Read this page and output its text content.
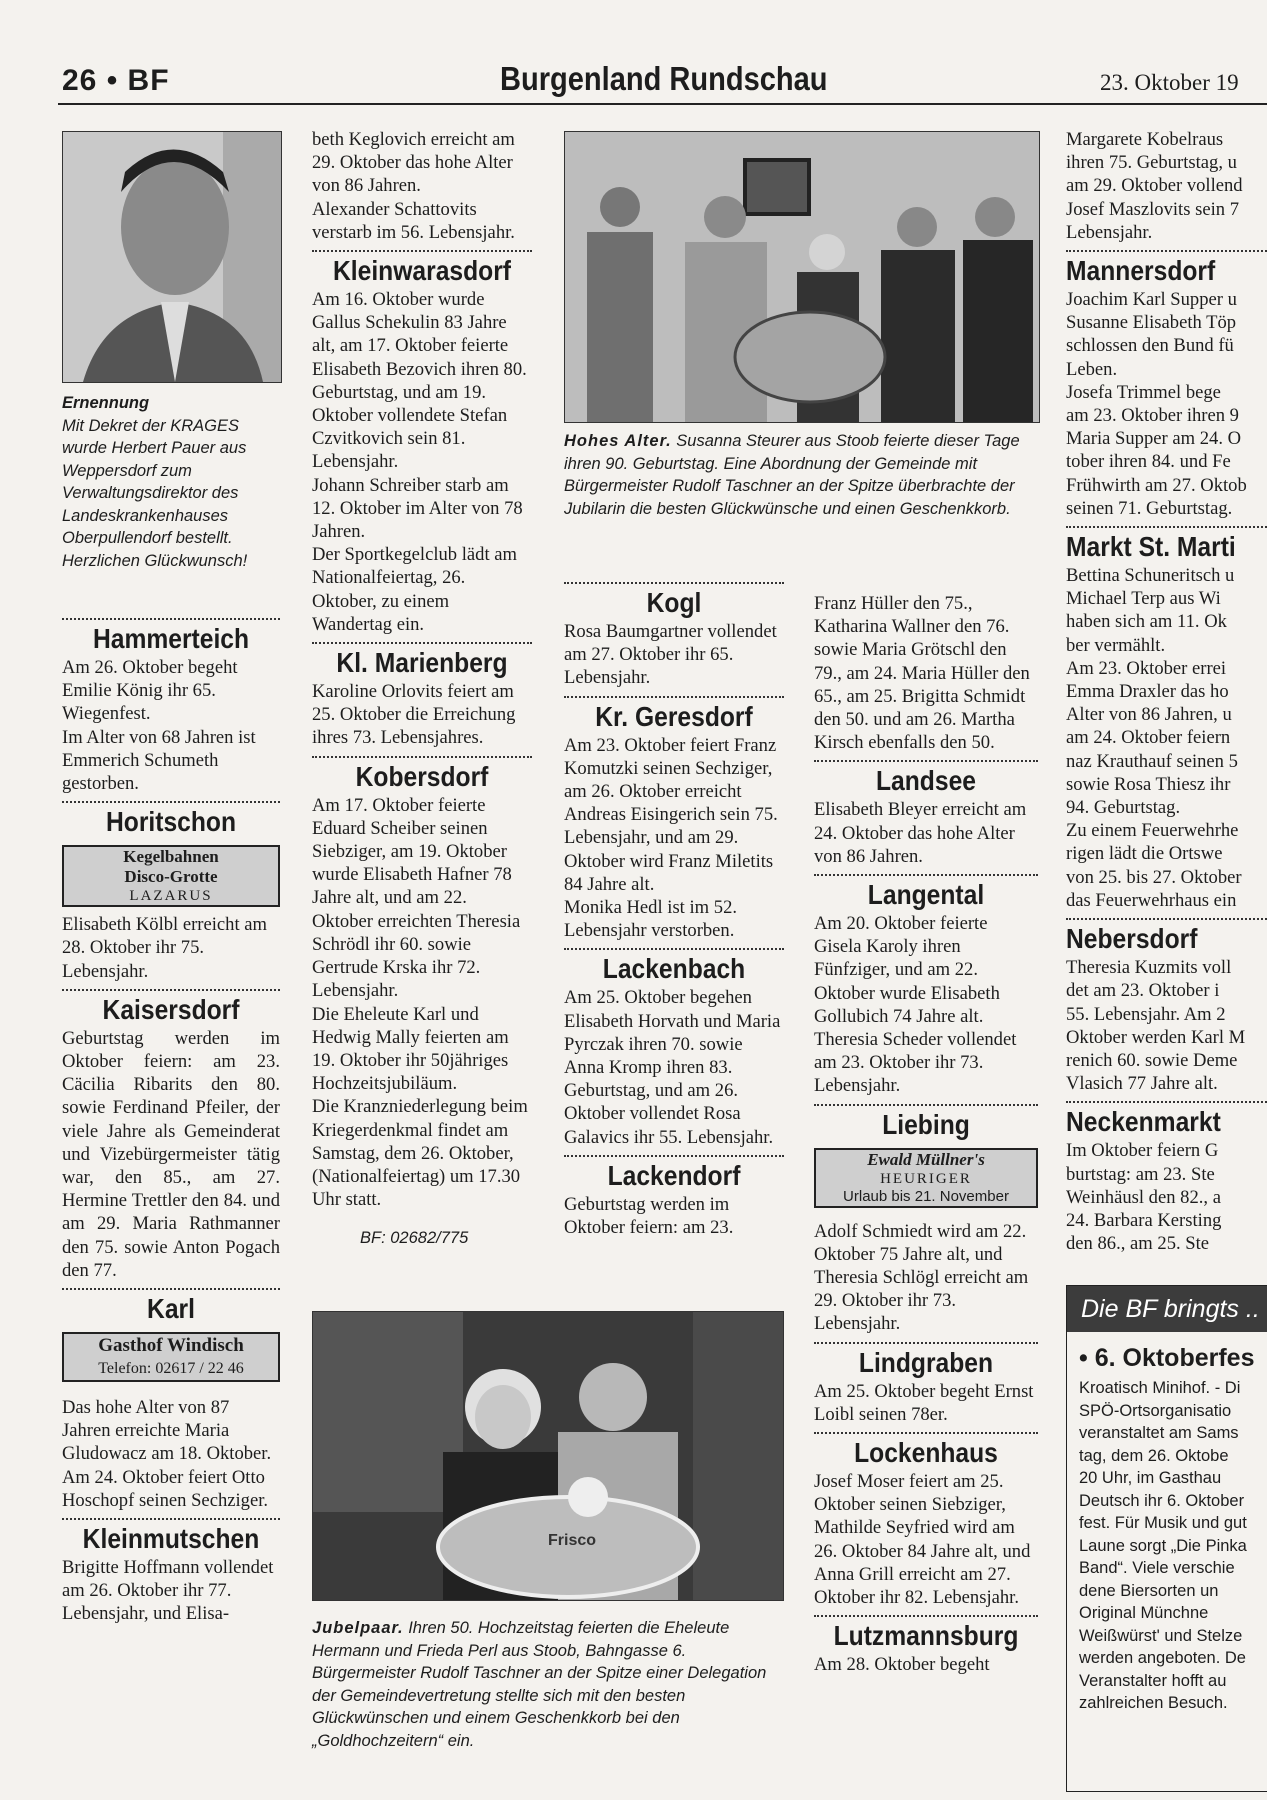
26 • BF	Burgenland Rundschau	23. Oktober 19
Ernennung
Mit Dekret der KRAGES wurde Herbert Pauer aus Weppersdorf zum Verwaltungsdirektor des Landeskrankenhauses Oberpullendorf bestellt. Herzlichen Glückwunsch!

Hammerteich

Am 26. Oktober begeht Emilie König ihr 65. Wiegenfest.

Im Alter von 68 Jahren ist Emmerich Schumeth gestorben.

Horitschon

Kegelbahnen
Disco-Grotte
LAZARUS

Elisabeth Kölbl erreicht am 28. Oktober ihr 75. Lebensjahr.

Kaisersdorf

Geburtstag werden im Oktober feiern: am 23. Cäcilia Ribarits den 80. sowie Ferdinand Pfeiler, der viele Jahre als Gemeinderat und Vizebürgermeister tätig war, den 85., am 27. Hermine Trettler den 84. und am 29. Maria Rathmanner den 75. sowie Anton Pogach den 77.

Karl

Gasthof Windisch
Telefon: 02617 / 22 46

Das hohe Alter von 87 Jahren erreichte Maria Gludowacz am 18. Oktober.

Am 24. Oktober feiert Otto Hoschopf seinen Sechziger.

Kleinmutschen

Brigitte Hoffmann vollendet am 26. Oktober ihr 77. Lebensjahr, und Elisa-

beth Keglovich erreicht am 29. Oktober das hohe Alter von 86 Jahren.

Alexander Schattovits verstarb im 56. Lebensjahr.

Kleinwarasdorf

Am 16. Oktober wurde Gallus Schekulin 83 Jahre alt, am 17. Oktober feierte Elisabeth Bezovich ihren 80. Geburtstag, und am 19. Oktober vollendete Stefan Czvitkovich sein 81. Lebensjahr.

Johann Schreiber starb am 12. Oktober im Alter von 78 Jahren.

Der Sportkegelclub lädt am Nationalfeiertag, 26. Oktober, zu einem Wandertag ein.

Kl. Marienberg

Karoline Orlovits feiert am 25. Oktober die Erreichung ihres 73. Lebensjahres.

Kobersdorf

Am 17. Oktober feierte Eduard Scheiber seinen Siebziger, am 19. Oktober wurde Elisabeth Hafner 78 Jahre alt, und am 22. Oktober erreichten Theresia Schrödl ihr 60. sowie Gertrude Krska ihr 72. Lebensjahr.

Die Eheleute Karl und Hedwig Mally feierten am 19. Oktober ihr 50jähriges Hochzeitsjubiläum.

Die Kranzniederlegung beim Kriegerdenkmal findet am Samstag, dem 26. Oktober,(Nationalfeiertag) um 17.30 Uhr statt.

BF: 02682/775

Hohes Alter. Susanna Steurer aus Stoob feierte dieser Tage ihren 90. Geburtstag. Eine Abordnung der Gemeinde mit Bürgermeister Rudolf Taschner an der Spitze überbrachte der Jubilarin die besten Glückwünsche und einen Geschenkkorb.

Kogl

Rosa Baumgartner vollendet am 27. Oktober ihr 65. Lebensjahr.

Kr. Geresdorf

Am 23. Oktober feiert Franz Komutzki seinen Sechziger, am 26. Oktober erreicht Andreas Eisingerich sein 75. Lebensjahr, und am 29. Oktober wird Franz Miletits 84 Jahre alt.

Monika Hedl ist im 52. Lebensjahr verstorben.

Lackenbach

Am 25. Oktober begehen Elisabeth Horvath und Maria Pyrczak ihren 70. sowie Anna Kromp ihren 83. Geburtstag, und am 26. Oktober vollendet Rosa Galavics ihr 55. Lebensjahr.

Lackendorf

Geburtstag werden im Oktober feiern: am 23.

Franz Hüller den 75., Katharina Wallner den 76. sowie Maria Grötschl den 79., am 24. Maria Hüller den 65., am 25. Brigitta Schmidt den 50. und am 26. Martha Kirsch ebenfalls den 50.

Landsee

Elisabeth Bleyer erreicht am 24. Oktober das hohe Alter von 86 Jahren.

Langental

Am 20. Oktober feierte Gisela Karoly ihren Fünfziger, und am 22. Oktober wurde Elisabeth Gollubich 74 Jahre alt.

Theresia Scheder vollendet am 23. Oktober ihr 73. Lebensjahr.

Liebing

Ewald Müllner's
HEURIGER
Urlaub bis 21. November

Adolf Schmiedt wird am 22. Oktober 75 Jahre alt, und Theresia Schlögl erreicht am 29. Oktober ihr 73. Lebensjahr.

Lindgraben

Am 25. Oktober begeht Ernst Loibl seinen 78er.

Lockenhaus

Josef Moser feiert am 25. Oktober seinen Siebziger, Mathilde Seyfried wird am 26. Oktober 84 Jahre alt, und Anna Grill erreicht am 27. Oktober ihr 82. Lebensjahr.

Lutzmannsburg

Am 28. Oktober begeht

Frisco
Jubelpaar. Ihren 50. Hochzeitstag feierten die Eheleute Hermann und Frieda Perl aus Stoob, Bahngasse 6. Bürgermeister Rudolf Taschner an der Spitze einer Delegation der Gemeindevertretung stellte sich mit den besten Glückwünschen und einem Geschenkkorb bei den „Goldhochzeitern“ ein.
Margarete Kobelraus
ihren 75. Geburtstag, u
am 29. Oktober vollend
Josef Maszlovits sein 7
Lebensjahr.

Mannersdorf

Joachim Karl Supper u
Susanne Elisabeth Töp
schlossen den Bund fü
Leben.
Josefa Trimmel bege
am 23. Oktober ihren 9
Maria Supper am 24. O
tober ihren 84. und Fe
Frühwirth am 27. Oktob
seinen 71. Geburtstag.

Markt St. Marti

Bettina Schuneritsch u
Michael Terp aus Wi
haben sich am 11. Ok
ber vermählt.
Am 23. Oktober errei
Emma Draxler das ho
Alter von 86 Jahren, u
am 24. Oktober feiern
naz Krauthauf seinen 5
sowie Rosa Thiesz ihr
94. Geburtstag.
Zu einem Feuerwehrhe
rigen lädt die Ortswe
von 25. bis 27. Oktober
das Feuerwehrhaus ein

Nebersdorf

Theresia Kuzmits voll
det am 23. Oktober i
55. Lebensjahr. Am 2
Oktober werden Karl M
renich 60. sowie Deme
Vlasich 77 Jahre alt.

Neckenmarkt

Im Oktober feiern G
burtstag: am 23. Ste
Weinhäusl den 82., a
24. Barbara Kersting
den 86., am 25. Ste
Die BF bringts ..
• 6. Oktoberfes
Kroatisch Minihof. - Di
SPÖ-Ortsorganisatio
veranstaltet am Sams
tag, dem 26. Oktobe
20 Uhr, im Gasthau
Deutsch ihr 6. Oktober
fest. Für Musik und gut
Laune sorgt „Die Pinka
Band“. Viele verschie
dene Biersorten un
Original Münchne
Weißwürst' und Stelze
werden angeboten. De
Veranstalter hofft au
zahlreichen Besuch.
